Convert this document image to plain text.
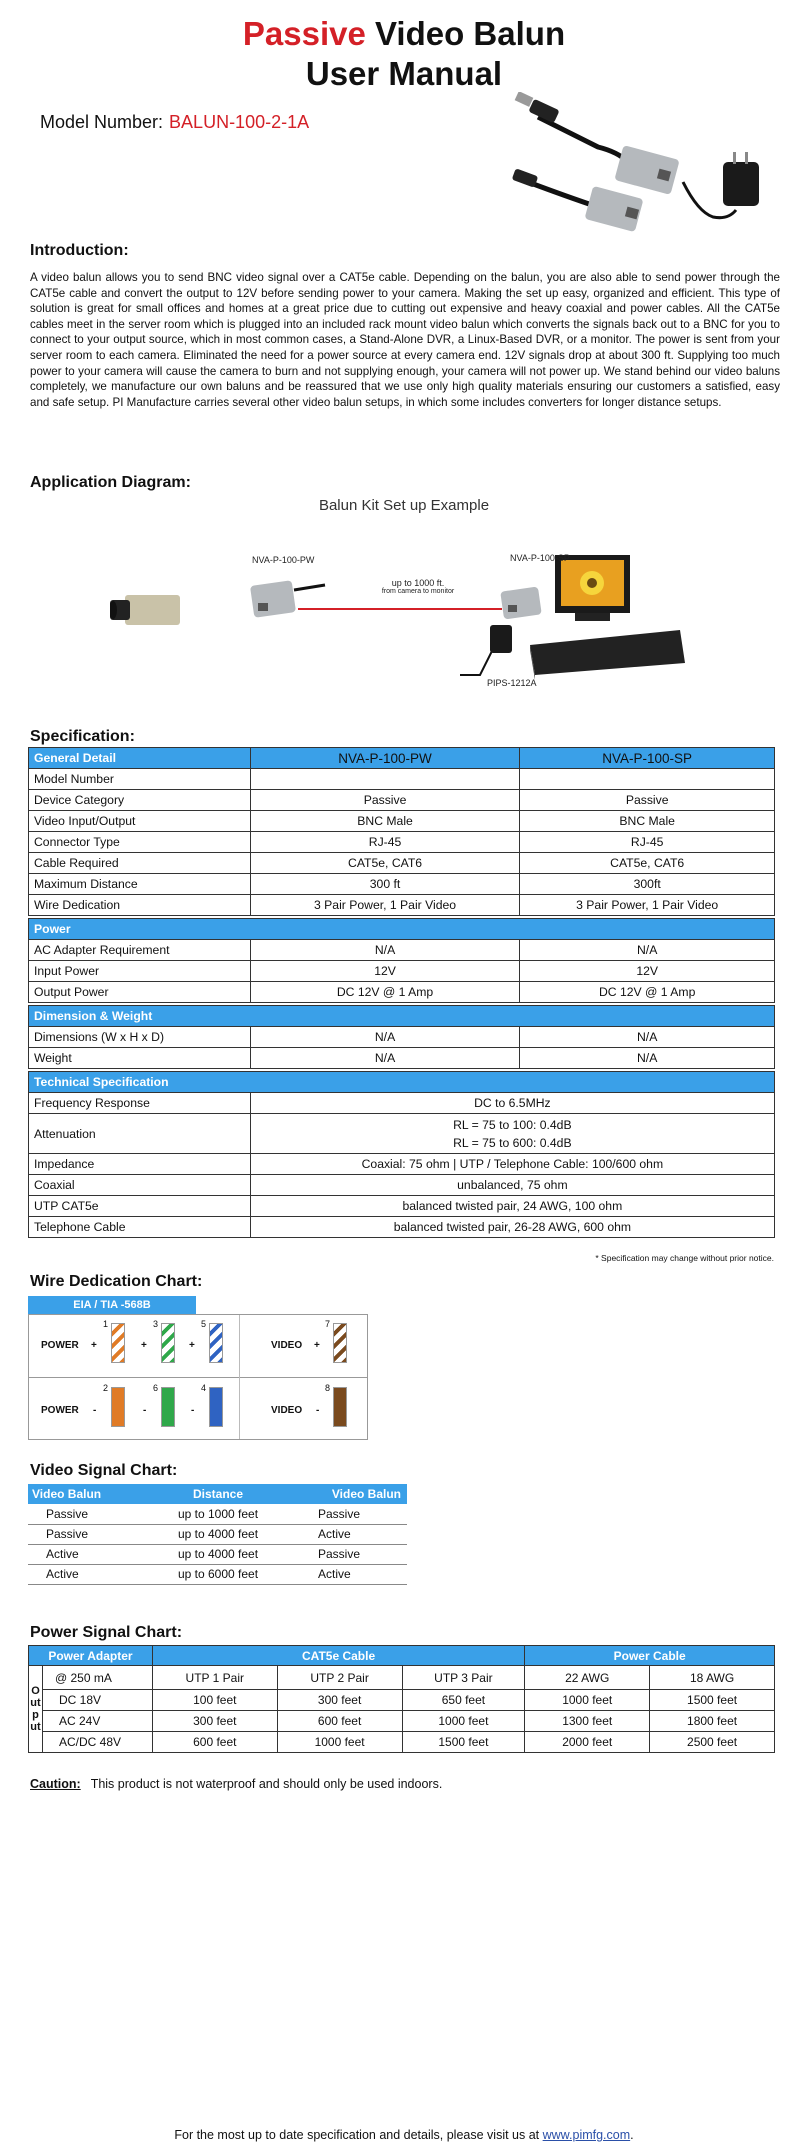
Passive Video Balun
User Manual
Model Number: BALUN-100-2-1A
Introduction:
A video balun allows you to send BNC video signal over a CAT5e cable. Depending on the balun, you are also able to send power through the CAT5e cable and convert the output to 12V before sending power to your camera. Making the set up easy, organized and efficient. This type of solution is great for small offices and homes at a great price due to cutting out expensive and heavy coaxial and power cables. All the CAT5e cables meet in the server room which is plugged into an included rack mount video balun which converts the signals back out to a BNC for you to connect to your output source, which in most common cases, a Stand-Alone DVR, a Linux-Based DVR, or a monitor. The power is sent from your server room to each camera. Eliminated the need for a power source at every camera end. 12V signals drop at about 300 ft. Supplying too much power to your camera will cause the camera to burn and not supplying enough, your camera will not power up. We stand behind our video baluns completely, we manufacture our own baluns and be reassured that we use only high quality materials ensuring our customers a satisfied, easy and safe setup. PI Manufacture carries several other video balun setups, in which some includes converters for longer distance setups.
Application Diagram:
Balun Kit Set up Example
NVA-P-100-PW	NVA-P-100-SP
up to 1000 ft.
from camera to monitor
PIPS-1212A
Specification:
General Detail	NVA-P-100-PW	NVA-P-100-SP
Model Number		
Device Category	Passive	Passive
Video Input/Output	BNC Male	BNC Male
Connector Type	RJ-45	RJ-45
Cable Required	CAT5e, CAT6	CAT5e, CAT6
Maximum Distance	300 ft	300ft
Wire Dedication	3 Pair Power, 1 Pair Video	3 Pair Power, 1 Pair Video

Power		
AC Adapter Requirement	N/A	N/A
Input Power	12V	12V
Output Power	DC 12V @ 1 Amp	DC 12V @ 1 Amp

Dimension & Weight		
Dimensions (W x H x D)	N/A	N/A
Weight	N/A	N/A

Technical Specification		
Frequency Response	DC to 6.5MHz	
Attenuation	RL = 75 to 100: 0.4dB
RL = 75 to 600: 0.4dB	

Impedance	Coaxial: 75 ohm | UTP / Telephone Cable: 100/600 ohm	
Coaxial	unbalanced, 75 ohm	
UTP CAT5e	balanced twisted pair, 24 AWG, 100 ohm	
Telephone Cable	balanced twisted pair, 26-28 AWG, 600 ohm	
* Specification may change without prior notice.
Wire Dedication Chart:
EIA / TIA -568B
POWER +	+	+	VIDEO +
POWER -	-	-	VIDEO -
1	3	5	7
2	6	4	8
Video Signal Chart:
Video Balun	Distance	Video Balun
Passive	up to 1000 feet	Passive
Passive	up to 4000 feet	Active
Active	up to 4000 feet	Passive
Active	up to 6000 feet	Active
Power Signal Chart:
Power Adapter		CAT5e Cable			Power Cable	
Output	@ 250 mA	UTP 1 Pair	UTP 2 Pair	UTP 3 Pair	22 AWG	18 AWG
	DC 18V	100 feet	300 feet	650 feet	1000 feet	1500 feet
	AC 24V	300 feet	600 feet	1000 feet	1300 feet	1800 feet
	AC/DC 48V	600 feet	1000 feet	1500 feet	2000 feet	2500 feet
Caution: This product is not waterproof and should only be used indoors.
For the most up to date specification and details, please visit us at www.pimfg.com.
